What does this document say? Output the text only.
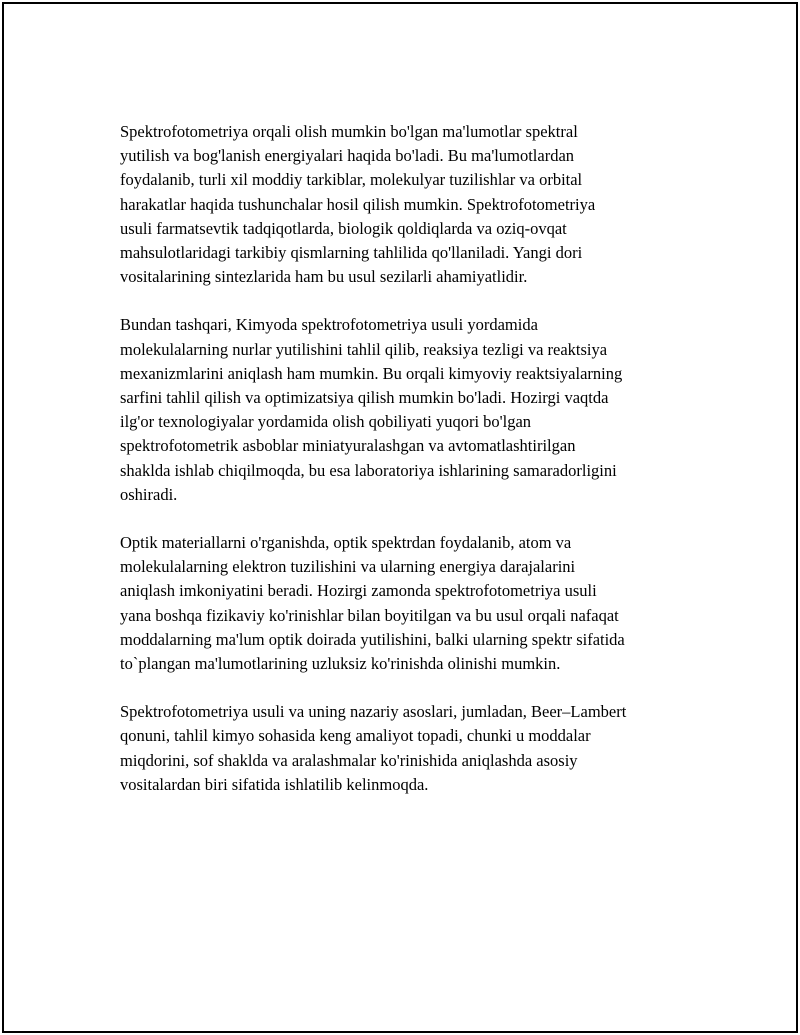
Spektrofotometriya orqali olish mumkin bo'lgan ma'lumotlar spektral
yutilish va bog'lanish energiyalari haqida bo'ladi. Bu ma'lumotlardan
foydalanib, turli xil moddiy tarkiblar, molekulyar tuzilishlar va orbital
harakatlar haqida tushunchalar hosil qilish mumkin. Spektrofotometriya
usuli farmatsevtik tadqiqotlarda, biologik qoldiqlarda va oziq-ovqat
mahsulotlaridagi tarkibiy qismlarning tahlilida qo'llaniladi. Yangi dori
vositalarining sintezlarida ham bu usul sezilarli ahamiyatlidir.

Bundan tashqari, Kimyoda spektrofotometriya usuli yordamida
molekulalarning nurlar yutilishini tahlil qilib, reaksiya tezligi va reaktsiya
mexanizmlarini aniqlash ham mumkin. Bu orqali kimyoviy reaktsiyalarning
sarfini tahlil qilish va optimizatsiya qilish mumkin bo'ladi. Hozirgi vaqtda
ilg'or texnologiyalar yordamida olish qobiliyati yuqori bo'lgan
spektrofotometrik asboblar miniatyuralashgan va avtomatlashtirilgan
shaklda ishlab chiqilmoqda, bu esa laboratoriya ishlarining samaradorligini
oshiradi.

Optik materiallarni o'rganishda, optik spektrdan foydalanib, atom va
molekulalarning elektron tuzilishini va ularning energiya darajalarini
aniqlash imkoniyatini beradi. Hozirgi zamonda spektrofotometriya usuli
yana boshqa fizikaviy ko'rinishlar bilan boyitilgan va bu usul orqali nafaqat
moddalarning ma'lum optik doirada yutilishini, balki ularning spektr sifatida
to`plangan ma'lumotlarining uzluksiz ko'rinishda olinishi mumkin.

Spektrofotometriya usuli va uning nazariy asoslari, jumladan, Beer–Lambert
qonuni, tahlil kimyo sohasida keng amaliyot topadi, chunki u moddalar
miqdorini, sof shaklda va aralashmalar ko'rinishida aniqlashda asosiy
vositalardan biri sifatida ishlatilib kelinmoqda.
